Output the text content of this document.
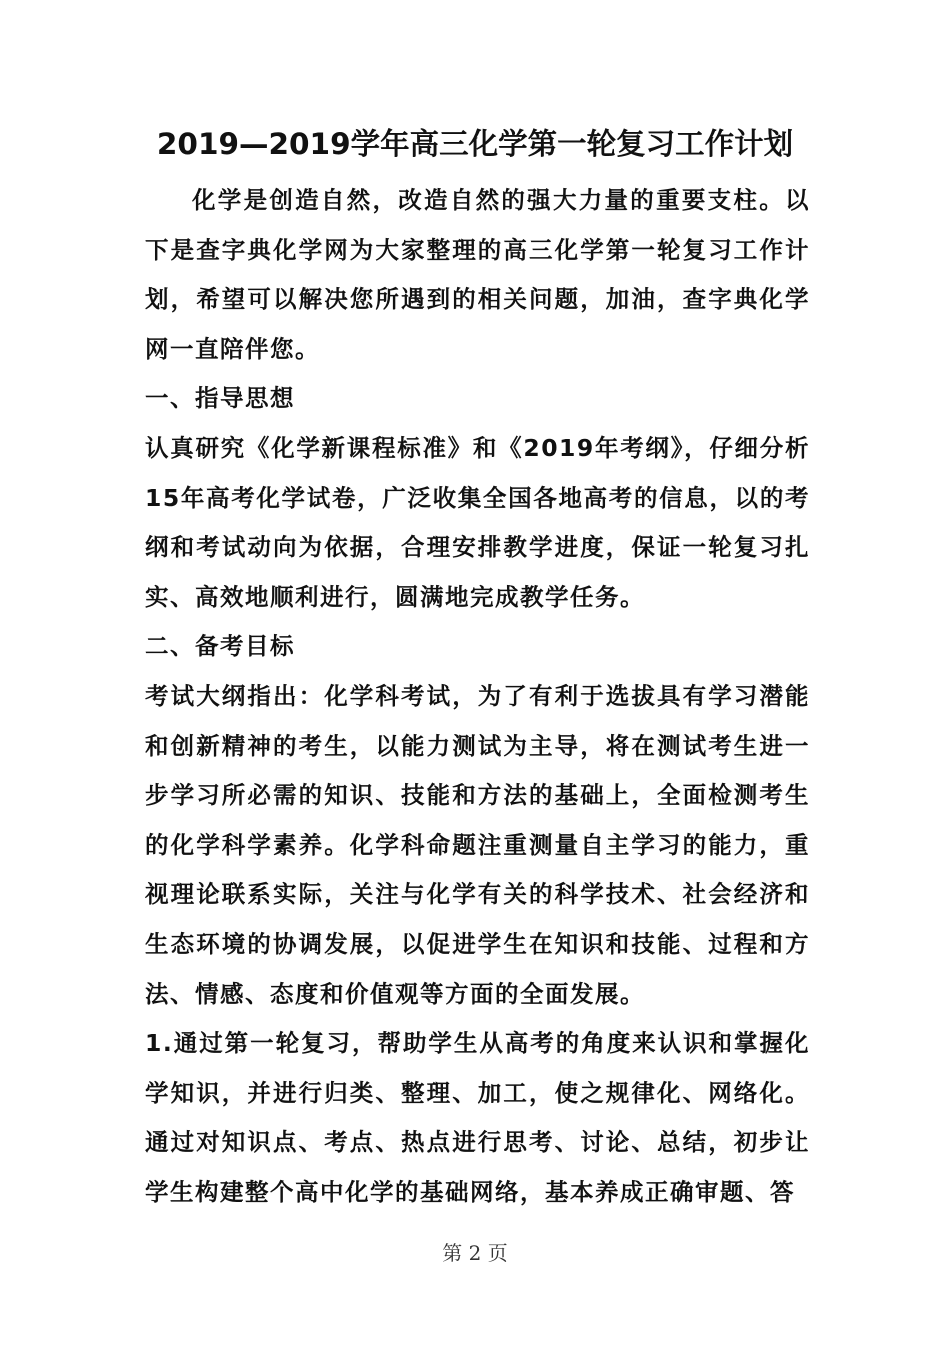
2019—2019学年高三化学第一轮复习工作计划

化学是创造自然，改造自然的强大力量的重要支柱。以下是查字典化学网为大家整理的高三化学第一轮复习工作计划，希望可以解决您所遇到的相关问题，加油，查字典化学网一直陪伴您。

一、指导思想

认真研究《化学新课程标准》和《2019年考纲》，仔细分析15年高考化学试卷，广泛收集全国各地高考的信息，以的考纲和考试动向为依据，合理安排教学进度，保证一轮复习扎实、高效地顺利进行，圆满地完成教学任务。

二、备考目标

考试大纲指出：化学科考试，为了有利于选拔具有学习潜能和创新精神的考生，以能力测试为主导，将在测试考生进一步学习所必需的知识、技能和方法的基础上，全面检测考生的化学科学素养。化学科命题注重测量自主学习的能力，重视理论联系实际，关注与化学有关的科学技术、社会经济和生态环境的协调发展，以促进学生在知识和技能、过程和方法、情感、态度和价值观等方面的全面发展。

1.通过第一轮复习，帮助学生从高考的角度来认识和掌握化学知识，并进行归类、整理、加工，使之规律化、网络化。通过对知识点、考点、热点进行思考、讨论、总结，初步让学生构建整个高中化学的基础网络，基本养成正确审题、答

第 2 页
